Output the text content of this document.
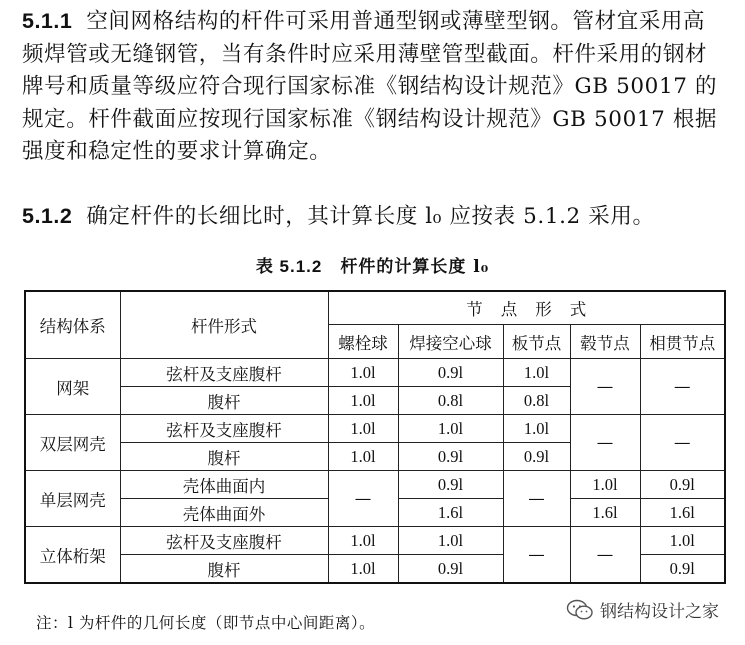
5.1.1 空间网格结构的杆件可采用普通型钢或薄壁型钢。管材宜采用高频焊管或无缝钢管，当有条件时应采用薄壁管型截面。杆件采用的钢材牌号和质量等级应符合现行国家标准《钢结构设计规范》GB 50017 的规定。杆件截面应按现行国家标准《钢结构设计规范》GB 50017 根据强度和稳定性的要求计算确定。
5.1.2 确定杆件的长细比时，其计算长度 l₀ 应按表 5.1.2 采用。
表 5.1.2 杆件的计算长度 l₀
结构体系	杆件形式	节点形式				
		螺栓球	焊接空心球	板节点	毂节点	相贯节点
网架	弦杆及支座腹杆	1.0l	0.9l	1.0l	—	—
	腹杆	1.0l	0.8l	0.8l		
双层网壳	弦杆及支座腹杆	1.0l	1.0l	1.0l	—	—
	腹杆	1.0l	0.9l	0.9l		
单层网壳	壳体曲面内	—	0.9l	—	1.0l	0.9l
	壳体曲面外		1.6l		1.6l	1.6l
立体桁架	弦杆及支座腹杆	1.0l	1.0l	—	—	1.0l
	腹杆	1.0l	0.9l			0.9l
注：l 为杆件的几何长度（即节点中心间距离）。
钢结构设计之家
